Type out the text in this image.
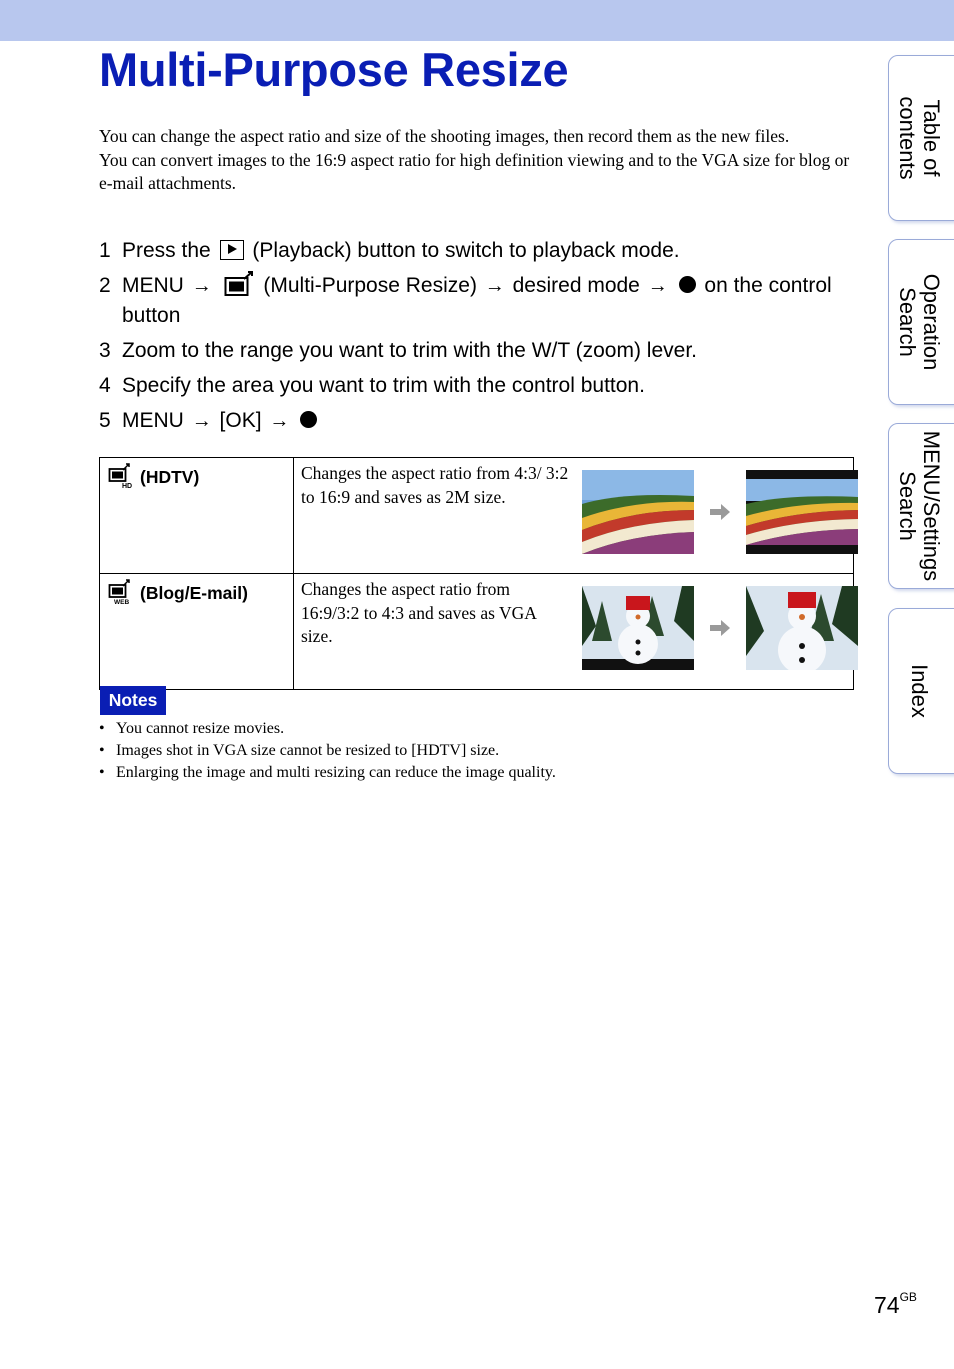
Multi-Purpose Resize

You can change the aspect ratio and size of the shooting images, then record them as the new files.

You can convert images to the 16:9 aspect ratio for high definition viewing and to the VGA size for blog or e-mail attachments.

1 Press the (Playback) button to switch to playback mode.
2 MENU → (Multi-Purpose Resize) → desired mode → on the control button
3 Zoom to the range you want to trim with the W/T (zoom) lever.
4 Specify the area you want to trim with the control button.
5 MENU → [OK] →
HD (HDTV)	Changes the aspect ratio from 4:3/ 3:2 to 16:9 and saves as 2M size.

WEB (Blog/E-mail)	Changes the aspect ratio from 16:9/3:2 to 4:3 and saves as VGA size.
Notes
• You cannot resize movies.
• Images shot in VGA size cannot be resized to [HDTV] size.
• Enlarging the image and multi resizing can reduce the image quality.
Table of contents
Operation Search
MENU/Settings Search
Index
$74^{GB}$
